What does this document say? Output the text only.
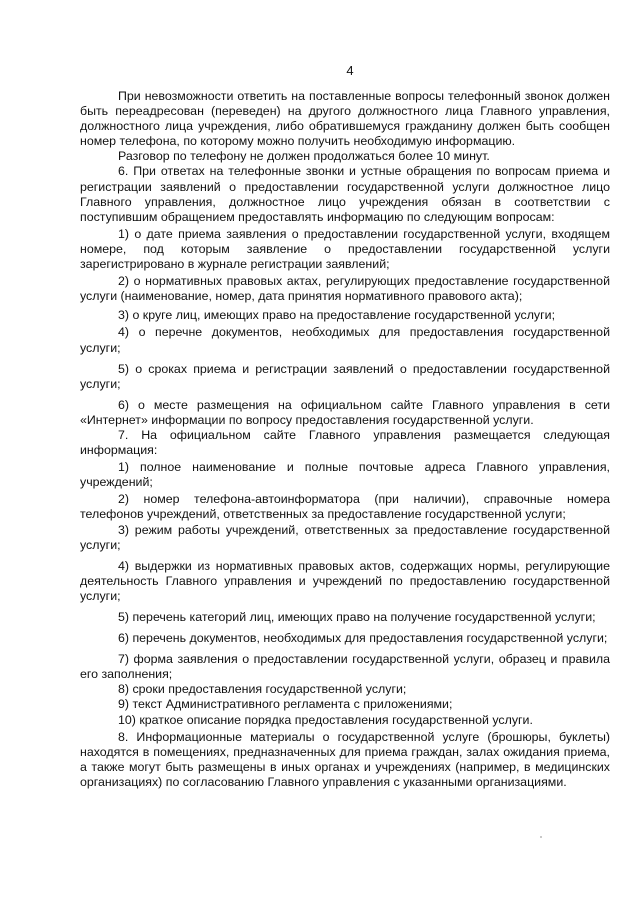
4

При невозможности ответить на поставленные вопросы телефонный звонок должен быть переадресован (переведен) на другого должностного лица Главного управления, должностного лица учреждения, либо обратившемуся гражданину должен быть сообщен номер телефона, по которому можно получить необходимую информацию.

Разговор по телефону не должен продолжаться более 10 минут.

6. При ответах на телефонные звонки и устные обращения по вопросам приема и регистрации заявлений о предоставлении государственной услуги должностное лицо Главного управления, должностное лицо учреждения обязан в соответствии с поступившим обращением предоставлять информацию по следующим вопросам:

1) о дате приема заявления о предоставлении государственной услуги, входящем номере, под которым заявление о предоставлении государственной услуги зарегистрировано в журнале регистрации заявлений;

2) о нормативных правовых актах, регулирующих предоставление государственной услуги (наименование, номер, дата принятия нормативного правового акта);

3) о круге лиц, имеющих право на предоставление государственной услуги;

4) о перечне документов, необходимых для предоставления государственной услуги;

5) о сроках приема и регистрации заявлений о предоставлении государственной услуги;

6) о месте размещения на официальном сайте Главного управления в сети «Интернет» информации по вопросу предоставления государственной услуги.

7. На официальном сайте Главного управления размещается следующая информация:

1) полное наименование и полные почтовые адреса Главного управления, учреждений;

2) номер телефона-автоинформатора (при наличии), справочные номера телефонов учреждений, ответственных за предоставление государственной услуги;

3) режим работы учреждений, ответственных за предоставление государственной услуги;

4) выдержки из нормативных правовых актов, содержащих нормы, регулирующие деятельность Главного управления и учреждений по предоставлению государственной услуги;

5) перечень категорий лиц, имеющих право на получение государственной услуги;

6) перечень документов, необходимых для предоставления государственной услуги;

7) форма заявления о предоставлении государственной услуги, образец и правила его заполнения;

8) сроки предоставления государственной услуги;

9) текст Административного регламента с приложениями;

10) краткое описание порядка предоставления государственной услуги.

8. Информационные материалы о государственной услуге (брошюры, буклеты) находятся в помещениях, предназначенных для приема граждан, залах ожидания приема, а также могут быть размещены в иных органах и учреждениях (например, в медицинских организациях) по согласованию Главного управления с указанными организациями.
